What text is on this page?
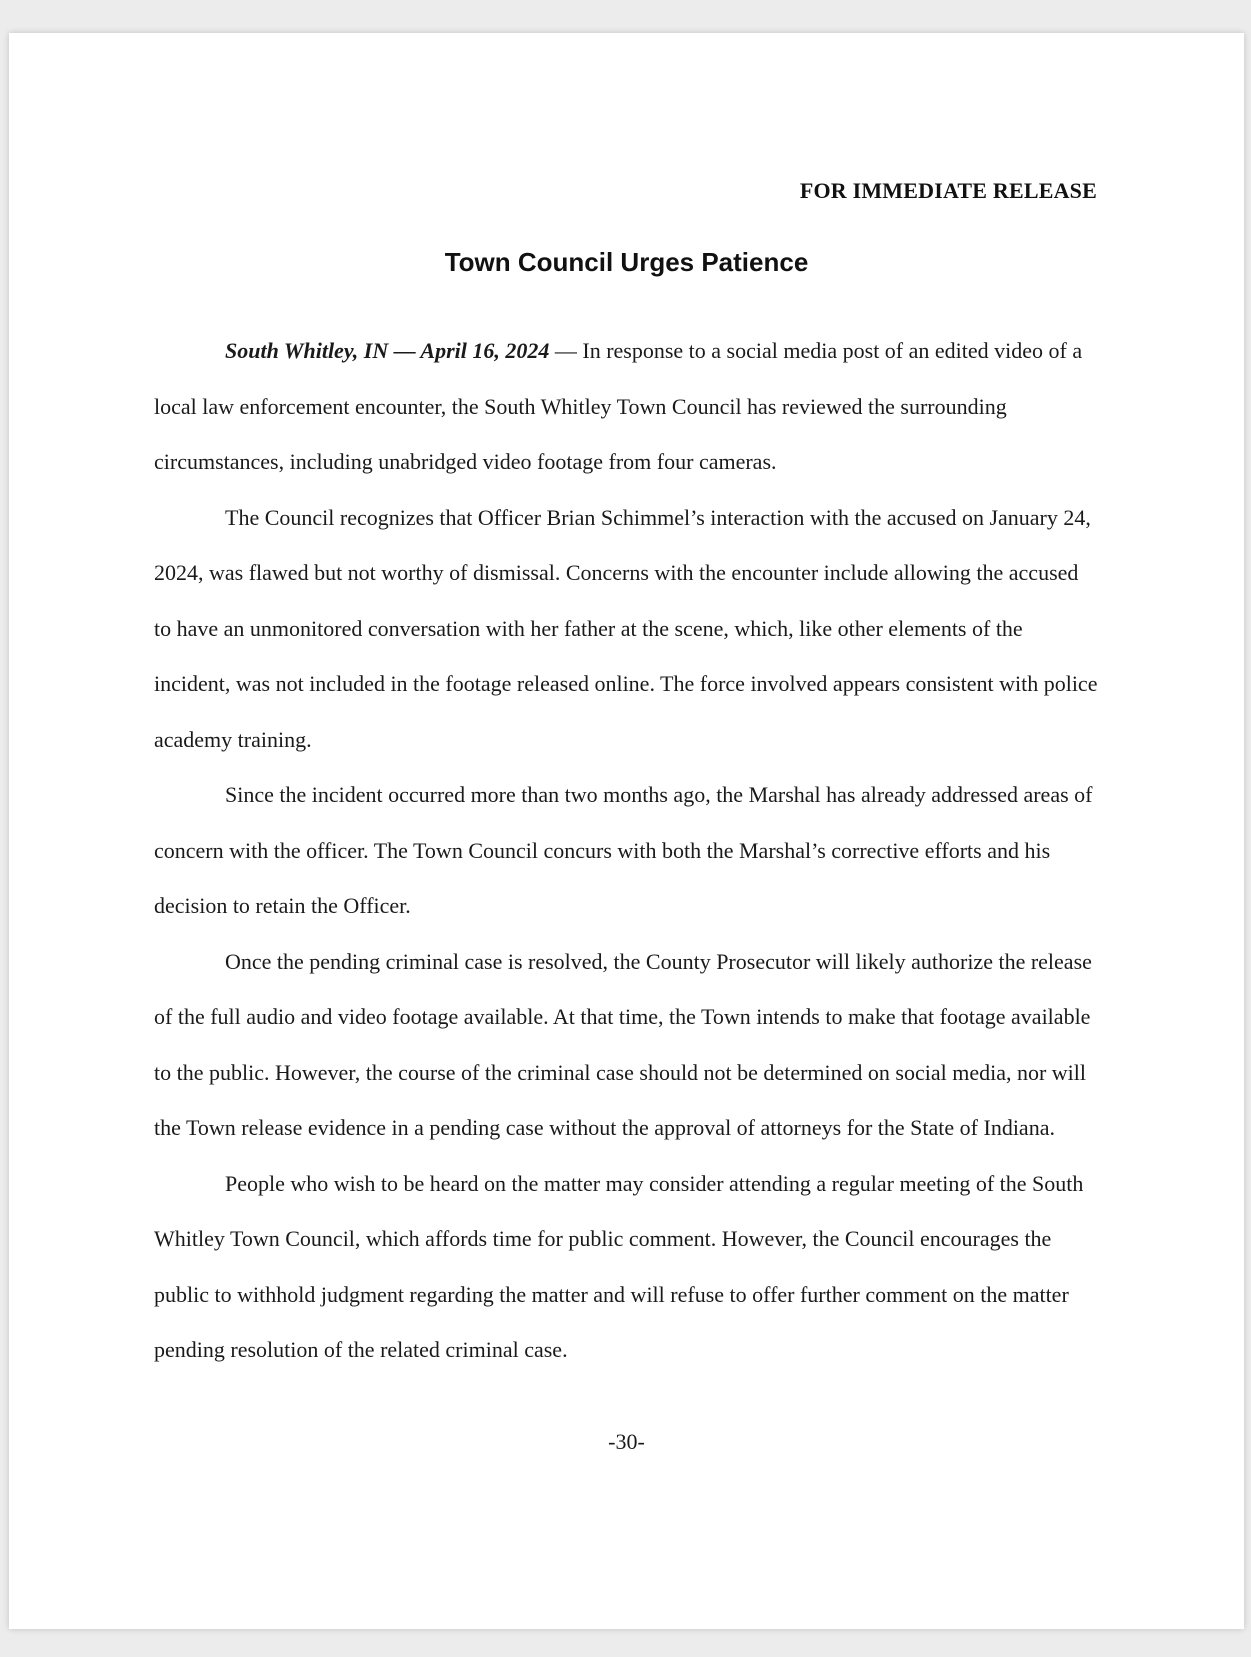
FOR IMMEDIATE RELEASE
Town Council Urges Patience

South Whitley, IN — April 16, 2024 — In response to a social media post of an edited video of a local law enforcement encounter, the South Whitley Town Council has reviewed the surrounding circumstances, including unabridged video footage from four cameras.

The Council recognizes that Officer Brian Schimmel’s interaction with the accused on January 24, 2024, was flawed but not worthy of dismissal. Concerns with the encounter include allowing the accused to have an unmonitored conversation with her father at the scene, which, like other elements of the incident, was not included in the footage released online. The force involved appears consistent with police academy training.

Since the incident occurred more than two months ago, the Marshal has already addressed areas of concern with the officer. The Town Council concurs with both the Marshal’s corrective efforts and his decision to retain the Officer.

Once the pending criminal case is resolved, the County Prosecutor will likely authorize the release of the full audio and video footage available. At that time, the Town intends to make that footage available to the public. However, the course of the criminal case should not be determined on social media, nor will the Town release evidence in a pending case without the approval of attorneys for the State of Indiana.

People who wish to be heard on the matter may consider attending a regular meeting of the South Whitley Town Council, which affords time for public comment. However, the Council encourages the public to withhold judgment regarding the matter and will refuse to offer further comment on the matter pending resolution of the related criminal case.

-30-
